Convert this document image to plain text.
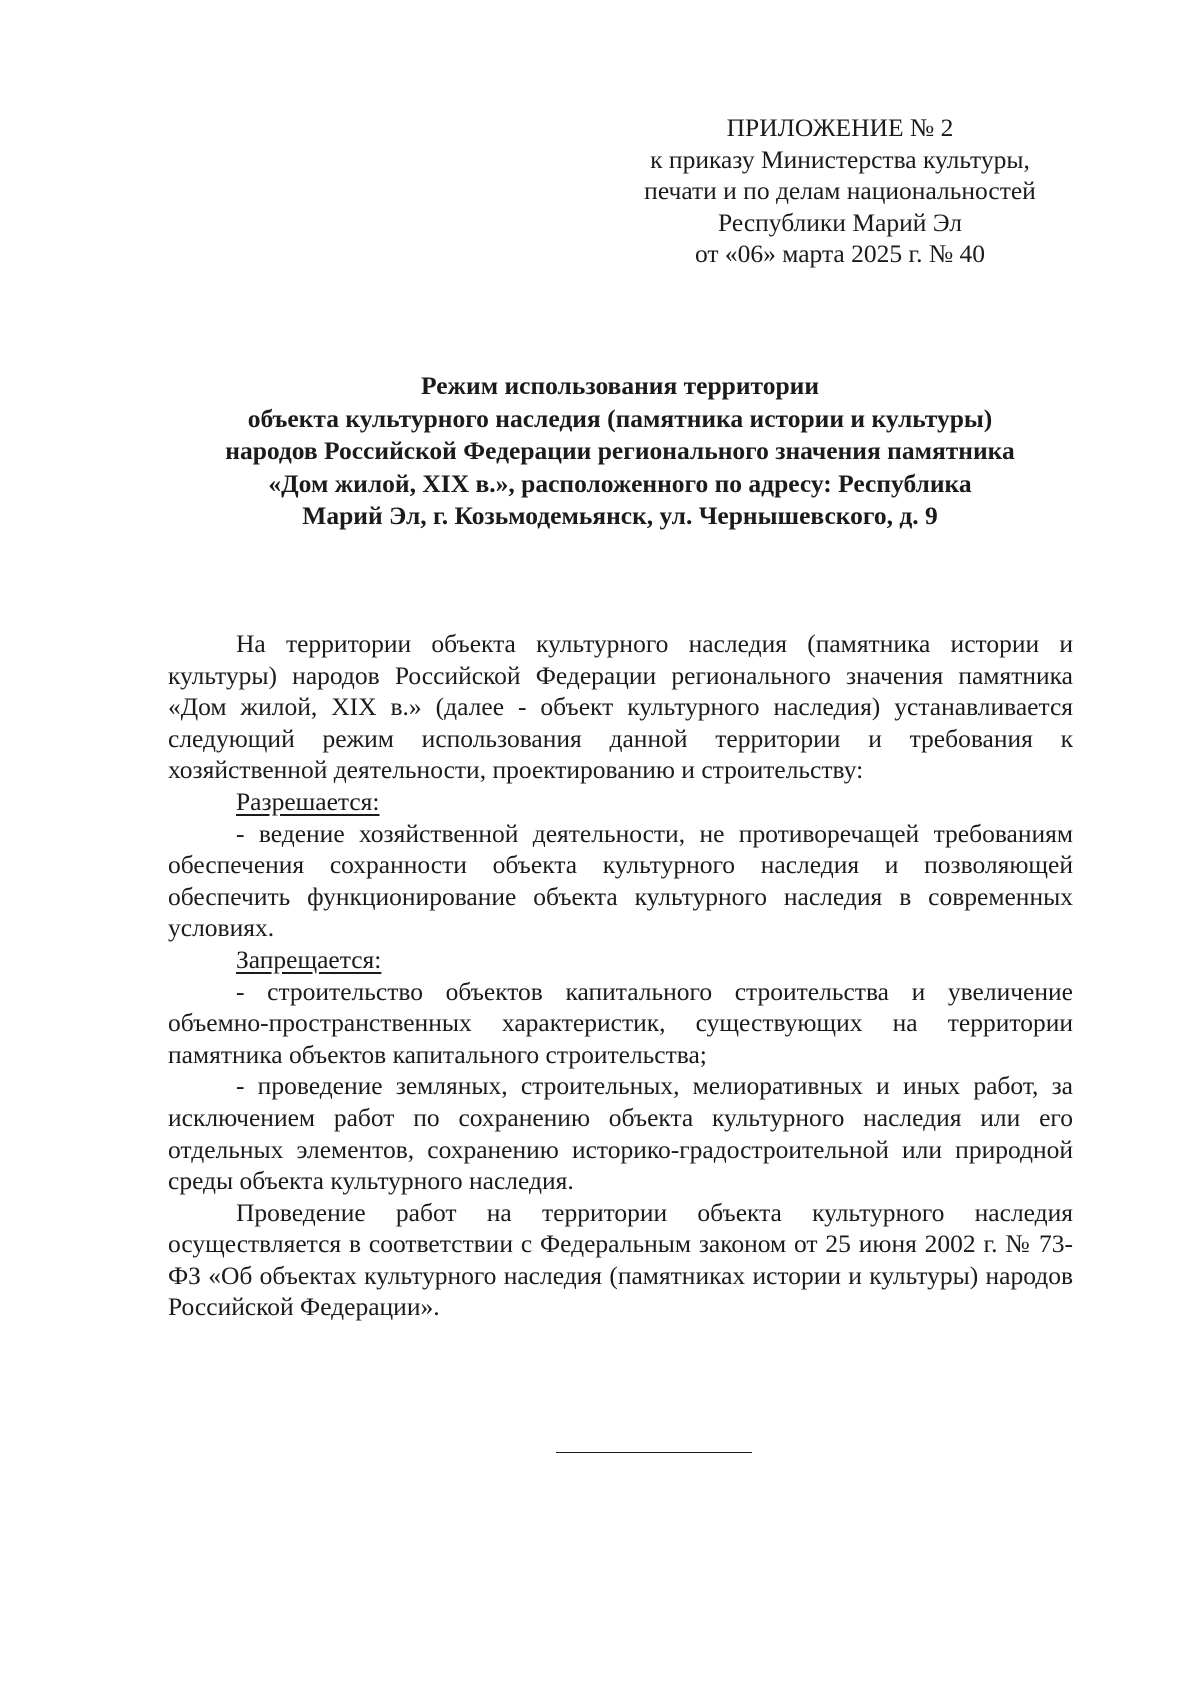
ПРИЛОЖЕНИЕ № 2
к приказу Министерства культуры,
печати и по делам национальностей
Республики Марий Эл
от «06» марта 2025 г. № 40
Режим использования территории
объекта культурного наследия (памятника истории и культуры)
народов Российской Федерации регионального значения памятника
«Дом жилой, XIX в.», расположенного по адресу: Республика
Марий Эл, г. Козьмодемьянск, ул. Чернышевского, д. 9

На территории объекта культурного наследия (памятника истории и культуры) народов Российской Федерации регионального значения памятника «Дом жилой, XIX в.» (далее - объект культурного наследия) устанавливается следующий режим использования данной территории и требования к хозяйственной деятельности, проектированию и строительству:

Разрешается:

- ведение хозяйственной деятельности, не противоречащей требованиям обеспечения сохранности объекта культурного наследия и позволяющей обеспечить функционирование объекта культурного наследия в современных условиях.

Запрещается:

- строительство объектов капитального строительства и увеличение объемно-пространственных характеристик, существующих на территории памятника объектов капитального строительства;

- проведение земляных, строительных, мелиоративных и иных работ, за исключением работ по сохранению объекта культурного наследия или его отдельных элементов, сохранению историко-градостроительной или природной среды объекта культурного наследия.

Проведение работ на территории объекта культурного наследия осуществляется в соответствии с Федеральным законом от 25 июня 2002 г. № 73-ФЗ «Об объектах культурного наследия (памятниках истории и культуры) народов Российской Федерации».
